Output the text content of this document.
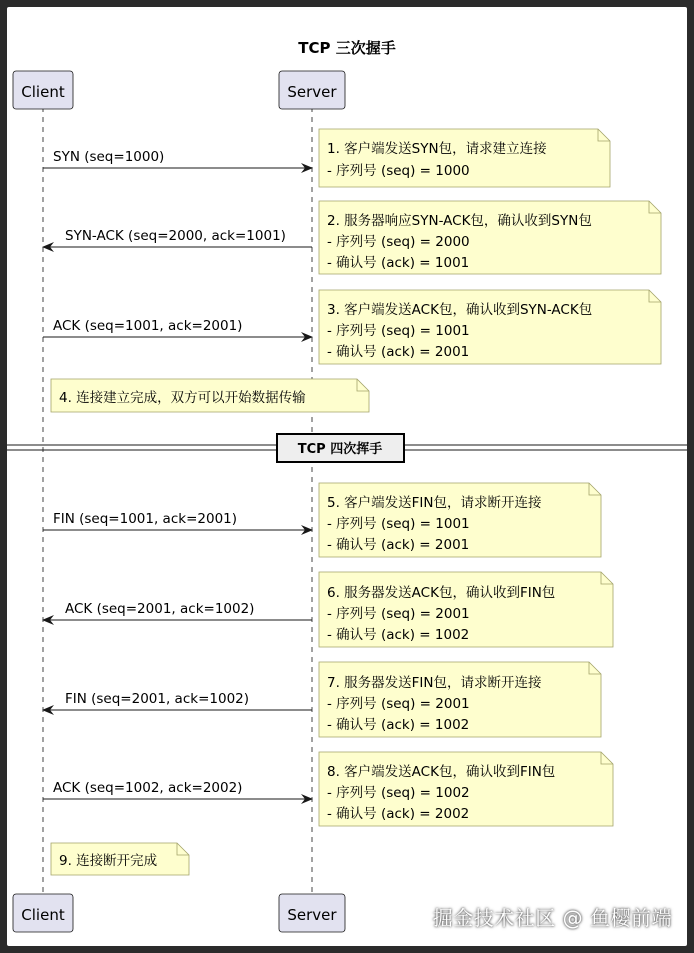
TCP 三次握手
Client	Server
Client	Server
TCP 四次挥手
SYN (seq=1000)
SYN-ACK (seq=2000, ack=1001)
ACK (seq=1001, ack=2001)
FIN (seq=1001, ack=2001)
ACK (seq=2001, ack=1002)
FIN (seq=2001, ack=1002)
ACK (seq=1002, ack=2002)
1. 客户端发送SYN包，请求建立连接
- 序列号 (seq) = 1000
2. 服务器响应SYN-ACK包，确认收到SYN包
- 序列号 (seq) = 2000
- 确认号 (ack) = 1001
3. 客户端发送ACK包，确认收到SYN-ACK包
- 序列号 (seq) = 1001
- 确认号 (ack) = 2001
4. 连接建立完成，双方可以开始数据传输
5. 客户端发送FIN包，请求断开连接
- 序列号 (seq) = 1001
- 确认号 (ack) = 2001
6. 服务器发送ACK包，确认收到FIN包
- 序列号 (seq) = 2001
- 确认号 (ack) = 1002
7. 服务器发送FIN包，请求断开连接
- 序列号 (seq) = 2001
- 确认号 (ack) = 1002
8. 客户端发送ACK包，确认收到FIN包
- 序列号 (seq) = 1002
- 确认号 (ack) = 2002
9. 连接断开完成
掘金技术社区 @ 鱼樱前端
